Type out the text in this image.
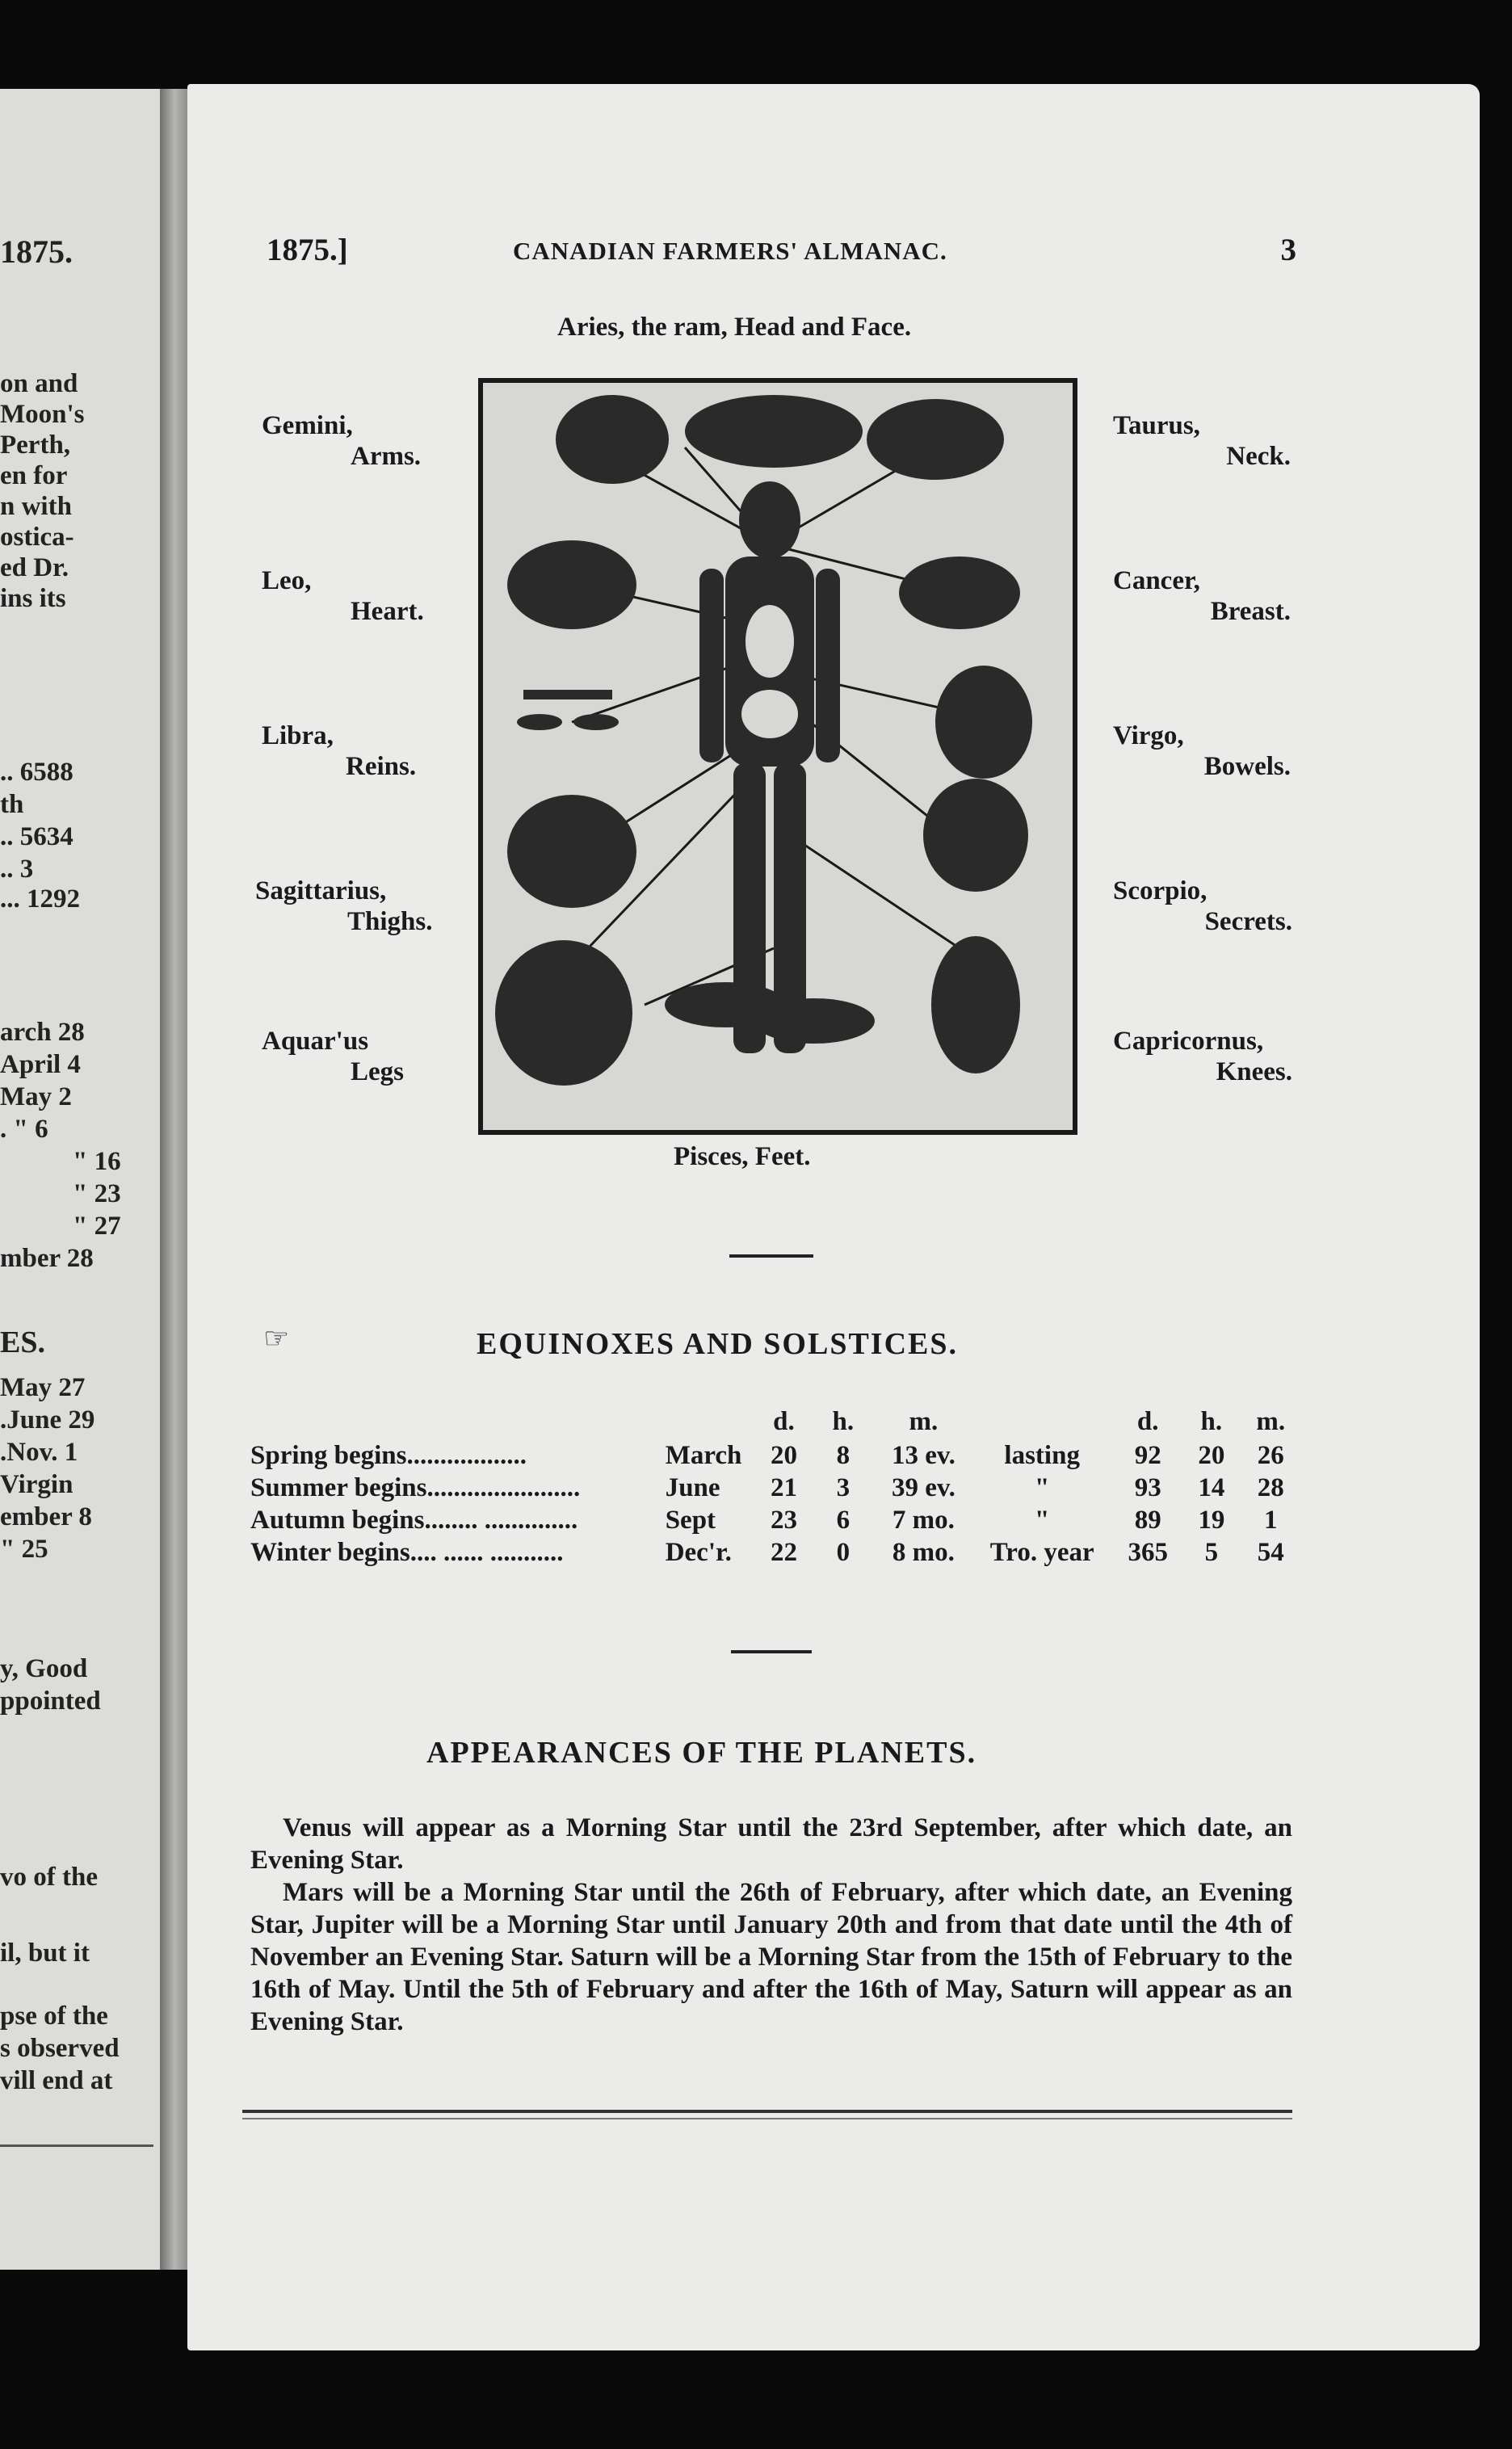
1875.
on and
Moon's
Perth,
en for
n with
ostica-
ed Dr.
ins its
.. 6588
th
.. 5634
.. 3
... 1292
arch 28
April 4
May 2
. " 6
" 16
" 23
" 27
mber 28
ES.
May 27
.June 29
.Nov. 1
Virgin
ember 8
" 25
y, Good
ppointed
vo of the
il, but it
pse of the
s observed
vill end at
1875.]	CANADIAN FARMERS' ALMANAC.	3
Aries, the ram, Head and Face.
Gemini,
Arms.
Taurus,
Neck.
Leo,
Heart.
Cancer,
Breast.
Libra,
Reins.
Virgo,
Bowels.
Sagittarius,
Thighs.
Scorpio,
Secrets.
Aquar'us
Legs
Capricornus,
Knees.
Pisces, Feet.
☞	EQUINOXES AND SOLSTICES.
		d.	h.	m.		d.	h.	m.
Spring begins..................	March	20	8	13 ev.	lasting	92	20	26
Summer begins.......................	June	21	3	39 ev.	"	93	14	28
Autumn begins........ ..............	Sept	23	6	7 mo.	"	89	19	1
Winter begins.... ...... ...........	Dec'r.	22	0	8 mo.	Tro. year	365	5	54
APPEARANCES OF THE PLANETS.

Venus will appear as a Morning Star until the 23rd September, after which date, an Evening Star.

Mars will be a Morning Star until the 26th of February, after which date, an Evening Star, Jupiter will be a Morning Star until January 20th and from that date until the 4th of November an Evening Star. Saturn will be a Morning Star from the 15th of February to the 16th of May. Until the 5th of February and after the 16th of May, Saturn will appear as an Evening Star.
